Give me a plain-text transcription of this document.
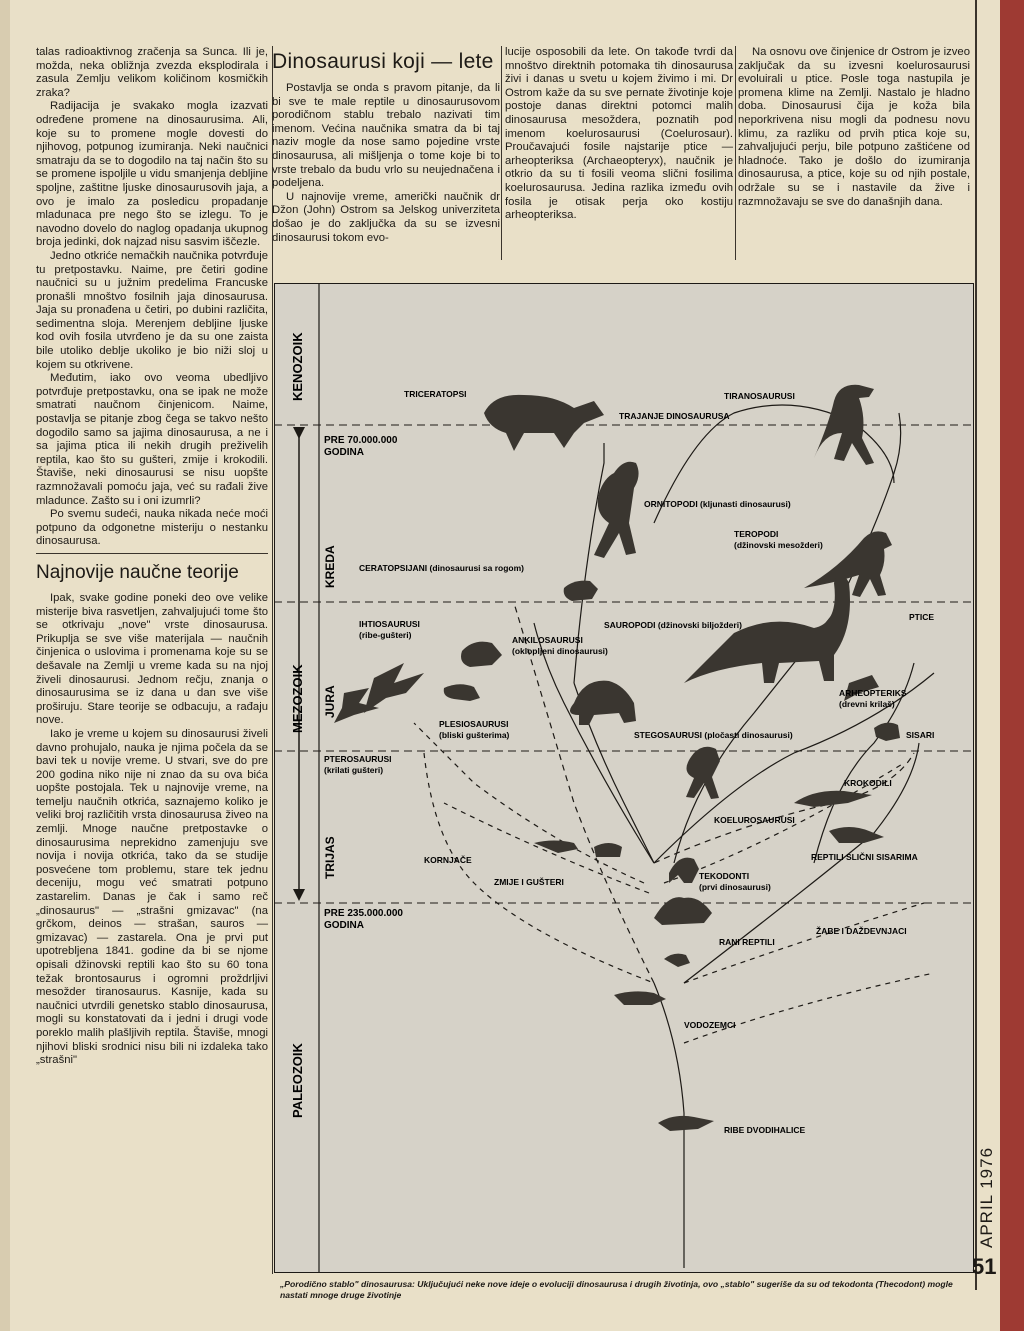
talas radioaktivnog zračenja sa Sunca. Ili je, možda, neka obližnja zvezda eksplodirala i zasula Zemlju velikom količinom kosmičkih zraka?

Radijacija je svakako mogla izazvati određene promene na dinosaurusima. Ali, koje su to promene mogle dovesti do njihovog, potpunog izumiranja. Neki naučnici smatraju da se to dogodilo na taj način što su se promene ispoljile u vidu smanjenja debljine spoljne, zaštitne ljuske dinosaurusovih jaja, a ovo je imalo za posledicu propadanje mladunaca pre nego što se izlegu. To je navodno dovelo do naglog opadanja ukupnog broja jedinki, dok najzad nisu sasvim iščezle.

Jedno otkriće nemačkih naučnika potvrđuje tu pretpostavku. Naime, pre četiri godine naučnici su u južnim predelima Francuske pronašli mnoštvo fosilnih jaja dinosaurusa. Jaja su pronađena u četiri, po dubini različita, sedimentna sloja. Merenjem debljine ljuske kod ovih fosila utvrđeno je da su one zaista bile utoliko deblje ukoliko je bio niži sloj u kojem su otkrivene.

Međutim, iako ovo veoma ubedljivo potvrđuje pretpostavku, ona se ipak ne može smatrati naučnom činjenicom. Naime, postavlja se pitanje zbog čega se takvo nešto dogodilo samo sa jajima dinosaurusa, a ne i sa jajima ptica ili nekih drugih preživelih reptila, kao što su gušteri, zmije i krokodili. Štaviše, neki dinosaurusi se nisu uopšte razmnožavali pomoću jaja, već su rađali žive mladunce. Zašto su i oni izumrli?

Po svemu sudeći, nauka nikada neće moći potpuno da odgonetne misteriju o nestanku dinosaurusa.

Najnovije naučne teorije

Ipak, svake godine poneki deo ove velike misterije biva rasvetljen, zahvaljujući tome što se otkrivaju „nove" vrste dinosaurusa. Prikuplja se sve više materijala — naučnih činjenica o uslovima i promenama koje su se dešavale na Zemlji u vreme kada su na njoj živeli dinosaurusi. Jednom rečju, znanja o dinosaurusima se iz dana u dan sve više proširuju. Stare teorije se odbacuju, a rađaju nove.

Iako je vreme u kojem su dinosaurusi živeli davno prohujalo, nauka je njima počela da se bavi tek u novije vreme. U stvari, sve do pre 200 godina niko nije ni znao da su ova bića uopšte postojala. Tek u najnovije vreme, na temelju naučnih otkrića, saznajemo koliko je veliki broj različitih vrsta dinosaurusa živeo na zemlji. Mnoge naučne pretpostavke o dinosaurusima neprekidno zamenjuju sve novija i novija otkrića, tako da se studije posvećene tom problemu, stare tek jednu deceniju, mogu već smatrati potpuno zastarelim. Danas je čak i samo reč „dinosaurus" — „strašni gmizavac" (na grčkom, deinos — strašan, sauros — gmizavac) — zastarela. Ona je prvi put upotrebljena 1841. godine da bi se njome opisali džinovski reptili kao što su 60 tona težak brontosaurus i ogromni proždrljivi mesožder tiranosaurus. Kasnije, kada su naučnici utvrdili genetsko stablo dinosaurusa, mogli su konstatovati da i jedni i drugi vode poreklo malih plašljivih reptila. Štaviše, mnogi njihovi bliski srodnici nisu bili ni izdaleka tako „strašni"

Dinosaurusi koji — lete

Postavlja se onda s pravom pitanje, da li bi sve te male reptile u dinosaurusovom porodičnom stablu trebalo nazivati tim imenom. Većina naučnika smatra da bi taj naziv mogle da nose samo pojedine vrste dinosaurusa, ali mišljenja o tome koje bi to vrste trebalo da budu vrlo su neujednačena i podeljena.

U najnovije vreme, američki naučnik dr Džon (John) Ostrom sa Jelskog univerziteta došao je do zaključka da su se izvesni dinosaurusi tokom evo-

lucije osposobili da lete. On takođe tvrdi da mnoštvo direktnih potomaka tih dinosaurusa živi i danas u svetu u kojem živimo i mi. Dr Ostrom kaže da su sve pernate životinje koje postoje danas direktni potomci malih dinosaurusa mesoždera, poznatih pod imenom koelurosaurusi (Coelurosaur). Proučavajući fosile najstarije ptice — arheopteriksa (Archaeopteryx), naučnik je otkrio da su ti fosili veoma slični fosilima koelurosaurusa. Jedina razlika između ovih fosila je otisak perja oko kostiju arheopteriksa.

Na osnovu ove činjenice dr Ostrom je izveo zaključak da su izvesni koelurosaurusi evoluirali u ptice. Posle toga nastupila je promena klime na Zemlji. Nastalo je hladno doba. Dinosaurusi čija je koža bila neporkrivena nisu mogli da podnesu novu klimu, za razliku od prvih ptica koje su, zahvaljujući perju, bile potpuno zaštićene od hladnoće. Tako je došlo do izumiranja dinosaurusa, a ptice, koje su od njih postale, održale su se i nastavile da žive i razmnožavaju se sve do današnjih dana.

KENOZOIK
MEZOZOIK
PALEOZOIK
KREDA
JURA
TRIJAS
PRE 70.000.000
GODINA
PRE 235.000.000
GODINA
TRICERATOPSI	TIRANOSAURUSI
TRAJANJE DINOSAURUSA
ORNITOPODI (kljunasti dinosaurusi)
TEROPODI
(džinovski mesožderi)
CERATOPSIJANI (dinosaurusi sa rogom)
PTICE
IHTIOSAURUSI
(ribe-gušteri)
SAUROPODI (džinovski biljožderi)
ANKILOSAURUSI
(oklopljeni dinosaurusi)
ARHEOPTERIKS
(drevni krilaš)
PLESIOSAURUSI
(bliski gušterima)	STEGOSAURUSI (pločasti dinosaurusi)	SISARI
PTEROSAURUSI
(krilati gušteri)
KROKODILI
KOELUROSAURUSI
KORNJAČE	REPTILI SLIČNI SISARIMA
ZMIJE I GUŠTERI
TEKODONTI
(prvi dinosaurusi)
ŽABE I DAŽDEVNJACI
RANI REPTILI
VODOZEMCI
RIBE DVODIHALICE
„Porodično stablo" dinosaurusa: Uključujući neke nove ideje o evoluciji dinosaurusa i drugih životinja, ovo „stablo" sugeriše da su od tekodonta (Thecodont) mogle nastati mnoge druge životinje
APRIL 1976
51
